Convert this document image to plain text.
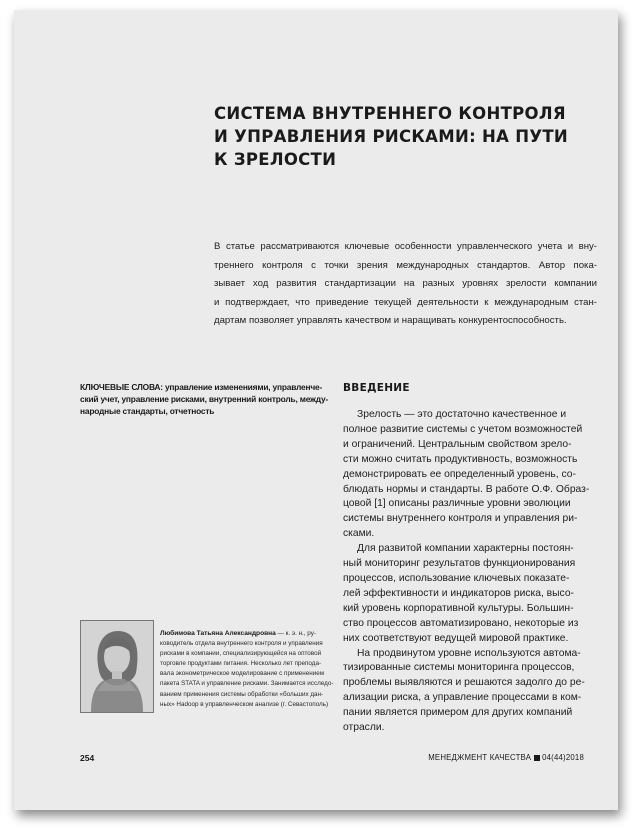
СИСТЕМА ВНУТРЕННЕГО КОНТРОЛЯ
И УПРАВЛЕНИЯ РИСКАМИ: НА ПУТИ
К ЗРЕЛОСТИ
В статье рассматриваются ключевые особенности управленческого учета и вну-
треннего контроля с точки зрения международных стандартов. Автор пока-
зывает ход развития стандартизации на разных уровнях зрелости компании
и подтверждает, что приведение текущей деятельности к международным стан-
дартам позволяет управлять качеством и наращивать конкурентоспособность.
КЛЮЧЕВЫЕ СЛОВА: управление изменениями, управленче-
ский учет, управление рисками, внутренний контроль, между-
народные стандарты, отчетность
ВВЕДЕНИЕ
Зрелость — это достаточно качественное и
полное развитие системы с учетом возможностей
и ограничений. Центральным свойством зрело-
сти можно считать продуктивность, возможность
демонстрировать ее определенный уровень, со-
блюдать нормы и стандарты. В работе О.Ф. Образ-
цовой [1] описаны различные уровни эволюции
системы внутреннего контроля и управления ри-
сками.
Для развитой компании характерны постоян-
ный мониторинг результатов функционирования
процессов, использование ключевых показате-
лей эффективности и индикаторов риска, высо-
кий уровень корпоративной культуры. Большин-
ство процессов автоматизировано, некоторые из
них соответствуют ведущей мировой практике.
На продвинутом уровне используются автома-
тизированные системы мониторинга процессов,
проблемы выявляются и решаются задолго до ре-
ализации риска, а управление процессами в ком-
пании является примером для других компаний
отрасли.
Любимова Татьяна Александровна — к. э. н., ру-
ководитель отдела внутреннего контроля и управления
рисками в компании, специализирующейся на оптовой
торговле продуктами питания. Несколько лет препода-
вала эконометрическое моделирование с применением
пакета STATA и управление рисками. Занимается исследо-
ванием применения системы обработки «больших дан-
ных» Hadoop в управленческом анализе (г. Севастополь)
254	МЕНЕДЖМЕНТ КАЧЕСТВА 04(44)2018
